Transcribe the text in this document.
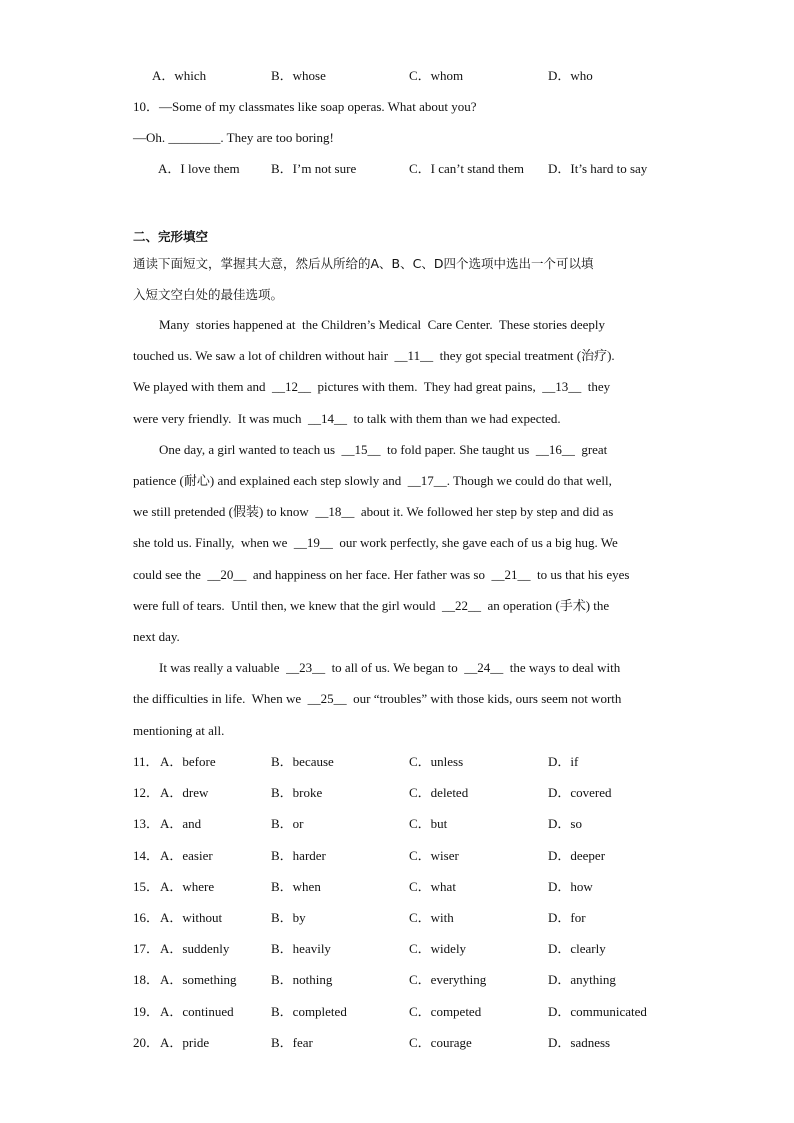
A．which	B．whose	C．whom	D．who
10．—Some of my classmates like soap operas. What about you?
—Oh. ________. They are too boring!
A．I love them B．I’m not sure	C．I can’t stand them D．It’s hard to say
二、完形填空
通读下面短文，掌握其大意，然后从所给的A、B、C、D四个选项中选出一个可以填
入短文空白处的最佳选项。
Many  stories happened at  the Children’s Medical  Care Center.  These stories deeply
touched us. We saw a lot of children without hair  __11__  they got special treatment (治疗).
We played with them and  __12__  pictures with them.  They had great pains,  __13__  they
were very friendly.  It was much  __14__  to talk with them than we had expected.
One day, a girl wanted to teach us  __15__  to fold paper. She taught us  __16__  great
patience (耐心) and explained each step slowly and  __17__. Though we could do that well,
we still pretended (假装) to know  __18__  about it. We followed her step by step and did as
she told us. Finally,  when we  __19__  our work perfectly, she gave each of us a big hug. We
could see the  __20__  and happiness on her face. Her father was so  __21__  to us that his eyes
were full of tears.  Until then, we knew that the girl would  __22__  an operation (手术) the
next day.
It was really a valuable  __23__  to all of us. We began to  __24__  the ways to deal with
the difficulties in life.  When we  __25__  our “troubles” with those kids, ours seem not worth
mentioning at all.
11． A．before	B．because	C．unless	D．if
12． A．drew	B．broke	C．deleted	D．covered
13． A．and	B．or	C．but	D．so
14． A．easier	B．harder	C．wiser	D．deeper
15． A．where	B．when	C．what	D．how
16． A．without	B．by	C．with	D．for
17． A．suddenly	B．heavily	C．widely	D．clearly
18． A．something	B．nothing	C．everything	D．anything
19． A．continued	B．completed	C．competed	D．communicated
20． A．pride	B．fear	C．courage	D．sadness
